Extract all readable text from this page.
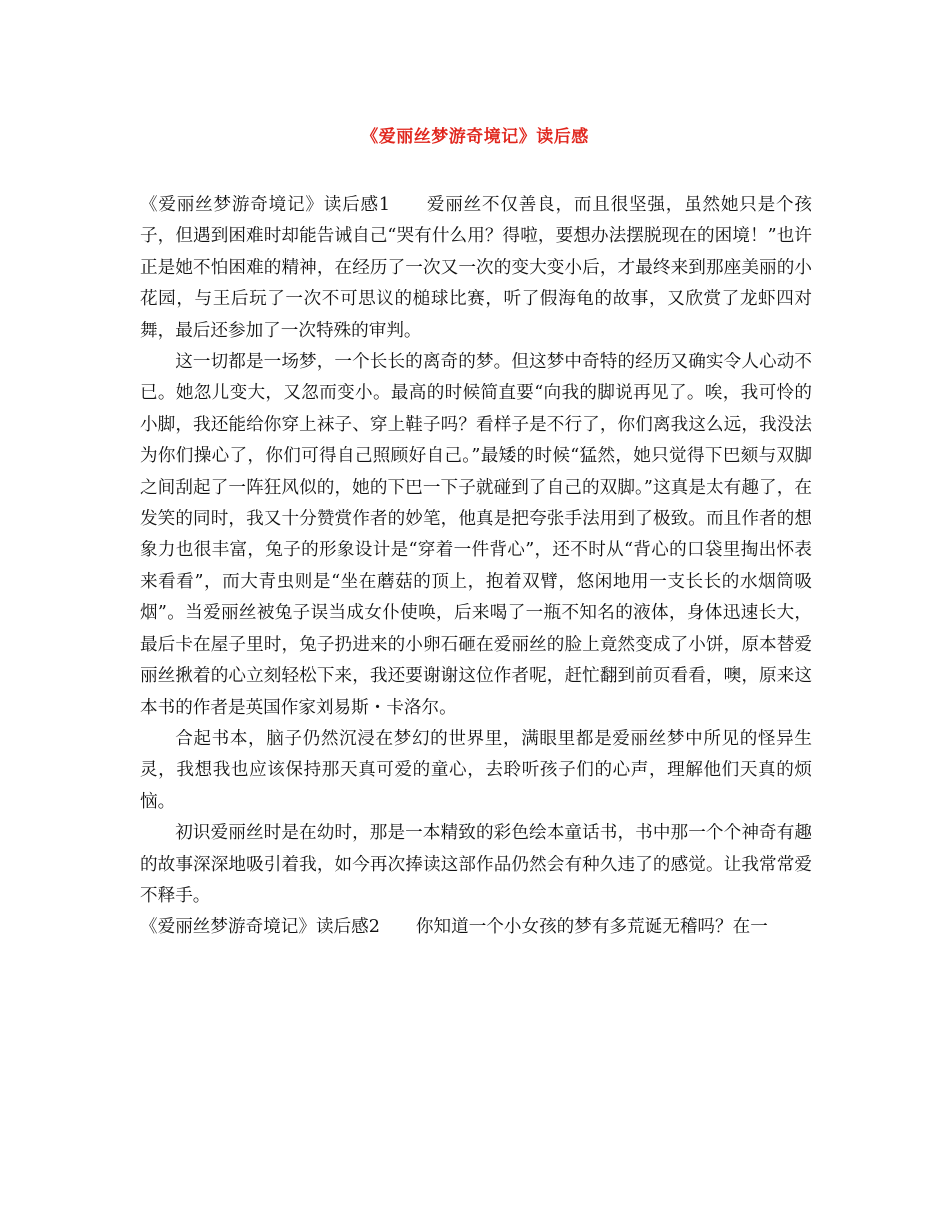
《爱丽丝梦游奇境记》读后感

《爱丽丝梦游奇境记》读后感1 爱丽丝不仅善良，而且很坚强，虽然她只是个孩子，但遇到困难时却能告诫自己“哭有什么用？得啦，要想办法摆脱现在的困境！”也许正是她不怕困难的精神，在经历了一次又一次的变大变小后，才最终来到那座美丽的小花园，与王后玩了一次不可思议的槌球比赛，听了假海龟的故事，又欣赏了龙虾四对舞，最后还参加了一次特殊的审判。

这一切都是一场梦，一个长长的离奇的梦。但这梦中奇特的经历又确实令人心动不已。她忽儿变大，又忽而变小。最高的时候简直要“向我的脚说再见了。唉，我可怜的小脚，我还能给你穿上袜子、穿上鞋子吗？看样子是不行了，你们离我这么远，我没法为你们操心了，你们可得自己照顾好自己。”最矮的时候“猛然，她只觉得下巴颏与双脚之间刮起了一阵狂风似的，她的下巴一下子就碰到了自己的双脚。”这真是太有趣了，在发笑的同时，我又十分赞赏作者的妙笔，他真是把夸张手法用到了极致。而且作者的想象力也很丰富，兔子的形象设计是“穿着一件背心”，还不时从“背心的口袋里掏出怀表来看看”，而大青虫则是“坐在蘑菇的顶上，抱着双臂，悠闲地用一支长长的水烟筒吸烟”。当爱丽丝被兔子误当成女仆使唤，后来喝了一瓶不知名的液体，身体迅速长大，最后卡在屋子里时，兔子扔进来的小卵石砸在爱丽丝的脸上竟然变成了小饼，原本替爱丽丝揪着的心立刻轻松下来，我还要谢谢这位作者呢，赶忙翻到前页看看，噢，原来这本书的作者是英国作家刘易斯・卡洛尔。

合起书本，脑子仍然沉浸在梦幻的世界里，满眼里都是爱丽丝梦中所见的怪异生灵，我想我也应该保持那天真可爱的童心，去聆听孩子们的心声，理解他们天真的烦恼。

初识爱丽丝时是在幼时，那是一本精致的彩色绘本童话书，书中那一个个神奇有趣的故事深深地吸引着我，如今再次捧读这部作品仍然会有种久违了的感觉。让我常常爱不释手。

《爱丽丝梦游奇境记》读后感2 你知道一个小女孩的梦有多荒诞无稽吗？在一
